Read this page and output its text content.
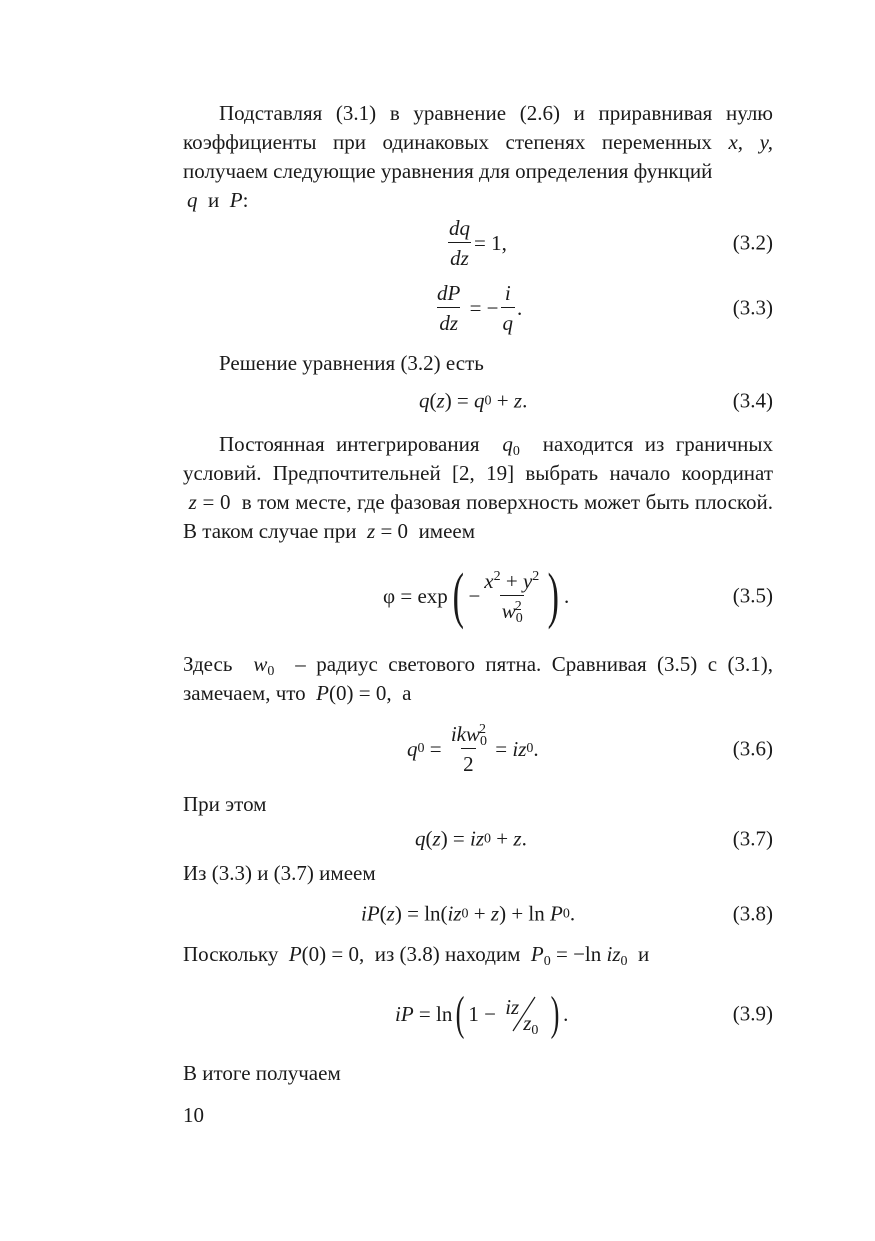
Подставляя (3.1) в уравнение (2.6) и приравнивая нулю коэффициенты при одинаковых степенях переменных x, y, получаем следующие уравнения для определения функций

q и P:
$\frac{dq}{dz} = 1$,	(3.2)
$\frac{dP}{dz}$ = − $\frac{i}{q}$ .	(3.3)

Решение уравнения (3.2) есть

q ( z ) = q 0 + z .	(3.4)

Постоянная интегрирования $q_0$ находится из граничных условий. Предпочтительней [2, 19] выбрать начало координат  z = 0  в том месте, где фазовая поверхность может быть плоской. В таком случае при z = 0  имеем

φ = exp ( − $\frac{x^2 + y^2}{w_0^2}$ ) .	(3.5)

Здесь $w_0$ – радиус светового пятна. Сравнивая (3.5) с (3.1), замечаем, что P(0) = 0,  а

q $0 = \frac{ikw_0^2}{2}$ = iz 0 .	(3.6)

При этом

q ( z ) = iz 0 + z .	(3.7)

Из (3.3) и (3.7) имеем

iP ( z ) = ln( iz 0 + z ) + ln P 0 .	(3.8)

Поскольку P(0) = 0,  из (3.8) находим $P_0 = -\ln$ $iz_0$ и

iP = ln ( 1 − iz
$z_0$ ) .	(3.9)

В итоге получаем

10
